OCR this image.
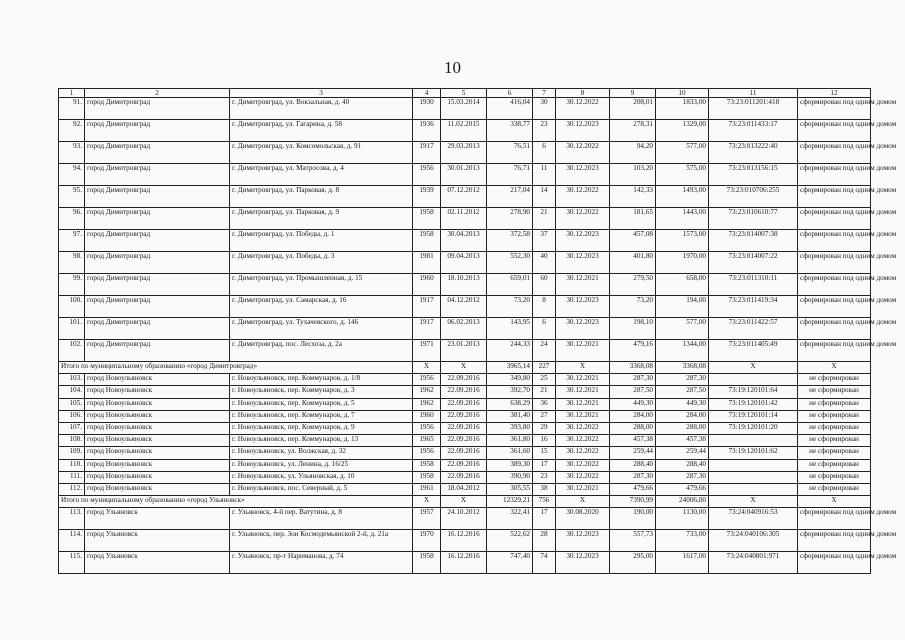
10
1	2	3	4	5	6	7	8	9	10	11	12
91.	город Димитровград	г. Димитровград, ул. Вокзальная, д. 40	1930	15.03.2014	416,04	30	30.12.2022	208,01	1833,00	73:23:011201:418	сформирован под одним домом
92.	город Димитровград	г. Димитровград, ул. Гагарина, д. 58	1936	11.02.2015	338,77	23	30.12.2023	278,31	1329,00	73:23:011433:17	сформирован под одним домом
93.	город Димитровград	г. Димитровград, ул. Комсомольская, д. 91	1917	29.03.2013	76,51	6	30.12.2022	94,20	577,00	73:23:013222:40	сформирован под одним домом
94.	город Димитровград	г. Димитровград, ул. Матросова, д. 4	1956	30.01.2013	76,71	11	30.12.2023	103,20	575,00	73:23:013156:15	сформирован под одним домом
95.	город Димитровград	г. Димитровград, ул. Парковая, д. 8	1939	07.12.2012	217,04	14	30.12.2022	142,33	1493,00	73:23:010706:255	сформирован под одним домом
96.	город Димитровград	г. Димитровград, ул. Парковая, д. 9	1958	02.11.2012	278,90	21	30.12.2022	181,65	1443,00	73:23:010610:77	сформирован под одним домом
97.	город Димитровград	г. Димитровград, ул. Победы, д. 1	1958	30.04.2013	372,58	37	30.12.2023	457,08	1573,00	73:23:014007:38	сформирован под одним домом
98.	город Димитровград	г. Димитровград, ул. Победы, д. 3	1981	09.04.2013	552,30	40	30.12.2023	401,80	1970,00	73:23:014007:22	сформирован под одним домом
99.	город Димитровград	г. Димитровград, ул. Промышленная, д. 15	1960	18.10.2013	659,01	60	30.12.2021	279,50	658,00	73:23:011310:11	сформирован под одним домом
100.	город Димитровград	г. Димитровград, ул. Самарская, д. 16	1917	04.12.2012	73,20	8	30.12.2023	73,20	194,00	73:23:011419:34	сформирован под одним домом
101.	город Димитровград	г. Димитровград, ул. Тухачевского, д. 146	1917	06.02.2013	143,95	6	30.12.2023	198,10	577,00	73:23:011422:57	сформирован под одним домом
102.	город Димитровград	г. Димитровград, пос. Лесхоза, д. 2а	1971	23.01.2013	244,33	24	30.12.2021	479,16	1344,00	73:23:011405:49	сформирован под одним домом
Итого по муниципальному образованию «город Димитровград»			X	X	3965,14	227	X	3368,08	3368,08	X	X
103.	город Новоульяновск	г. Новоульяновск, пер. Коммунаров, д. 1/8	1956	22.09.2016	349,80	25	30.12.2021	287,30	287,30		не сформирован
104.	город Новоульяновск	г. Новоульяновск, пер. Коммунаров, д. 3	1962	22.09.2016	392,70	21	30.12.2021	287,50	287,50	73:19:120101:64	не сформирован
105.	город Новоульяновск	г. Новоульяновск, пер. Коммунаров, д. 5	1962	22.09.2016	638,29	36	30.12.2021	449,30	449,30	73:19:120101:42	не сформирован
106.	город Новоульяновск	г. Новоульяновск, пер. Коммунаров, д. 7	1960	22.09.2016	381,40	27	30.12.2021	284,00	284,00	73:19:120101:14	не сформирован
107.	город Новоульяновск	г. Новоульяновск, пер. Коммунаров, д. 9	1956	22.09.2016	393,80	29	30.12.2022	288,00	288,00	73:19:120101:20	не сформирован
108.	город Новоульяновск	г. Новоульяновск, пер. Коммунаров, д. 13	1965	22.09.2016	361,80	16	30.12.2022	457,38	457,38		не сформирован
109.	город Новоульяновск	г. Новоульяновск, ул. Волжская, д. 32	1956	22.09.2016	361,60	15	30.12.2022	259,44	259,44	73:19:120101:62	не сформирован
110.	город Новоульяновск	г. Новоульяновск, ул. Ленина, д. 16/25	1958	22.09.2016	389,30	17	30.12.2022	288,40	288,40		не сформирован
111.	город Новоульяновск	г. Новоульяновск, ул. Ульяновская, д. 10	1958	22.09.2016	390,90	23	30.12.2022	287,30	287,30		не сформирован
112.	город Новоульяновск	г. Новоульяновск, пос. Северный, д. 5	1961	18.04.2012	305,55	38	30.12.2021	479,66	479,66		не сформирован
Итого по муниципальному образованию «город Ульяновск»			X	X	12329,21	756	X	7390,99	24006,00	X	X
113.	город Ульяновск	г. Ульяновск, 4-й пер. Ватутина, д. 8	1957	24.10.2012	322,41	17	30.08.2020	190,00	1130,00	73:24:040916:53	сформирован под одним домом
114.	город Ульяновск	г. Ульяновск, пер. Зои Космодемьянской 2-й, д. 21а	1970	16.12.2016	522,62	28	30.12.2023	557,73	733,00	73:24:040106:305	сформирован под одним домом
115.	город Ульяновск	г. Ульяновск, пр-т Нариманова, д. 74	1958	16.12.2016	747,40	74	30.12.2023	295,00	1617,00	73:24:040801:971	сформирован под одним домом
